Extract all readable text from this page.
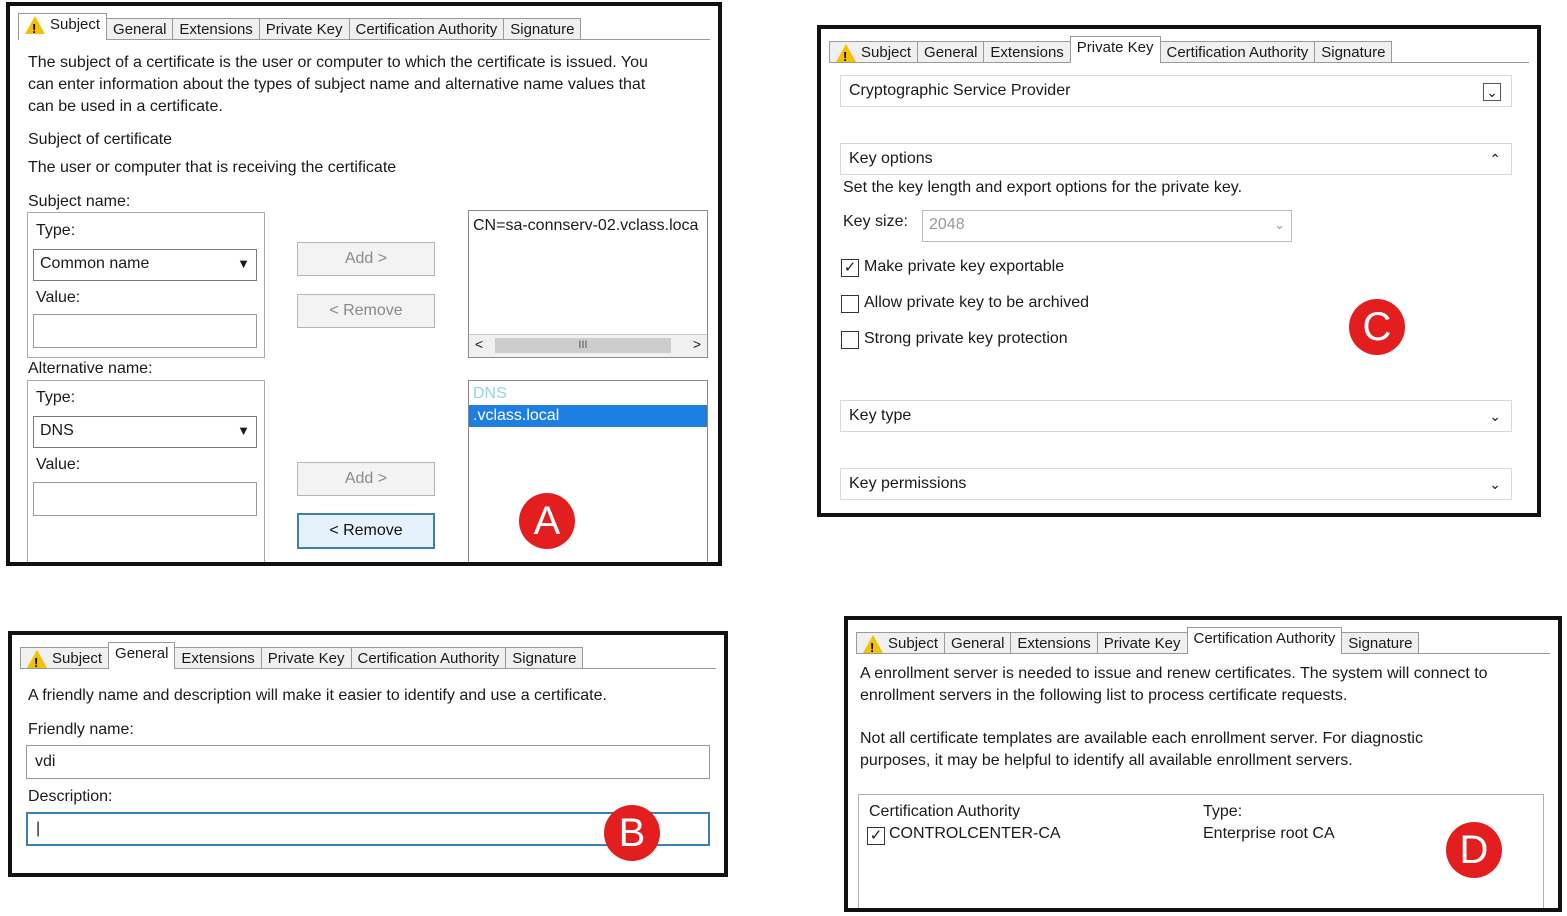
!
Subject General Extensions Private Key Certification Authority Signature
The subject of a certificate is the user or computer to which the certificate is issued. You
can enter information about the types of subject name and alternative name values that
can be used in a certificate.
Subject of certificate
The user or computer that is receiving the certificate
Subject name:
Type:
Common name	▼
Value:
Add >
< Remove
CN=sa-connserv-02.vclass.loca
<	III	>
Alternative name:
Type:
DNS	▼
Value:
Add >
< Remove
DNS
.vclass.local
A
!
Subject General Extensions Private Key Certification Authority Signature
Cryptographic Service Provider	⌄
Key options	⌃
Set the key length and export options for the private key.
Key size:	2048	⌄
✓ Make private key exportable
Allow private key to be archived
Strong private key protection
Key type	⌄
Key permissions	⌄
C
!
Subject General Extensions Private Key Certification Authority Signature
A friendly name and description will make it easier to identify and use a certificate.
Friendly name:
vdi
Description:
|	B
!
Subject General Extensions Private Key Certification Authority Signature
A enrollment server is needed to issue and renew certificates. The system will connect to
enrollment servers in the following list to process certificate requests.
Not all certificate templates are available each enrollment server. For diagnostic
purposes, it may be helpful to identify all available enrollment servers.
Certification Authority	Type:
✓ CONTROLCENTER-CA	Enterprise root CA	D
